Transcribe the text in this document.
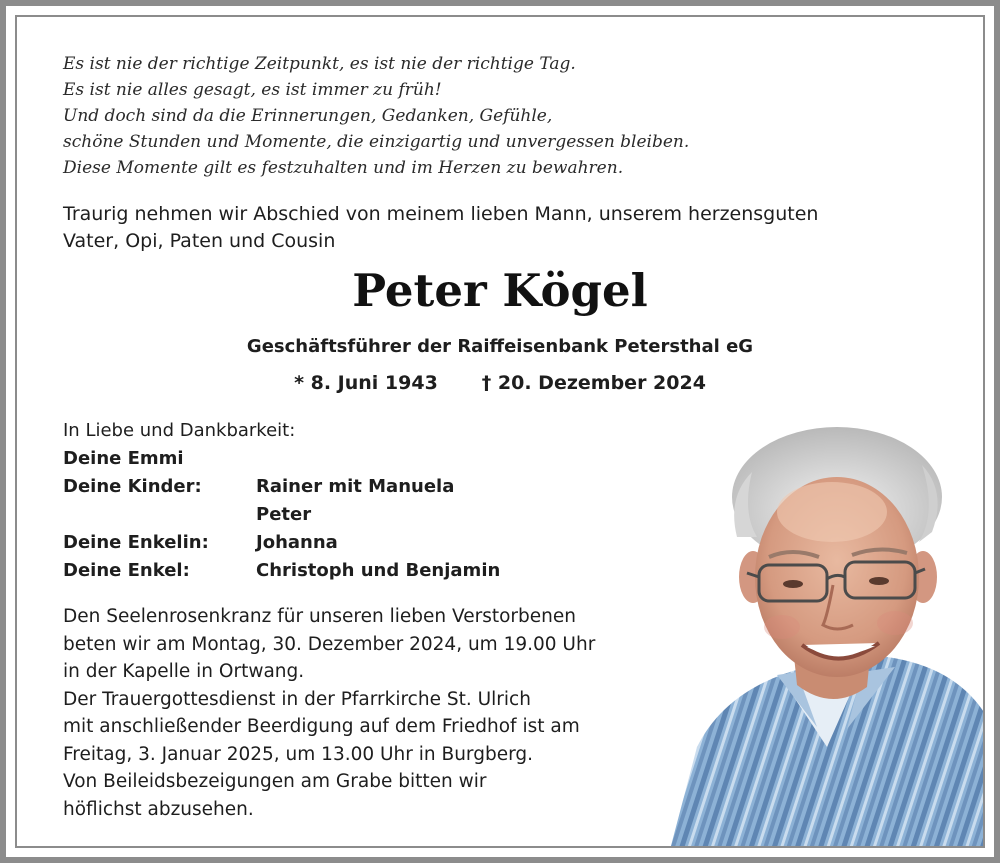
Es ist nie der richtige Zeitpunkt, es ist nie der richtige Tag.
Es ist nie alles gesagt, es ist immer zu früh!
Und doch sind da die Erinnerungen, Gedanken, Gefühle,
schöne Stunden und Momente, die einzigartig und unvergessen bleiben.
Diese Momente gilt es festzuhalten und im Herzen zu bewahren.
Traurig nehmen wir Abschied von meinem lieben Mann, unserem herzensguten
Vater, Opi, Paten und Cousin
Peter Kögel
Geschäftsführer der Raiffeisenbank Petersthal eG
* 8. Juni 1943 † 20. Dezember 2024
In Liebe und Dankbarkeit:
Deine Emmi
Deine Kinder:	Rainer mit Manuela
Peter
Deine Enkelin:	Johanna
Deine Enkel:	Christoph und Benjamin
Den Seelenrosenkranz für unseren lieben Verstorbenen
beten wir am Montag, 30. Dezember 2024, um 19.00 Uhr
in der Kapelle in Ortwang.
Der Trauergottesdienst in der Pfarrkirche St. Ulrich
mit anschließender Beerdigung auf dem Friedhof ist am
Freitag, 3. Januar 2025, um 13.00 Uhr in Burgberg.
Von Beileidsbezeigungen am Grabe bitten wir
höflichst abzusehen.
